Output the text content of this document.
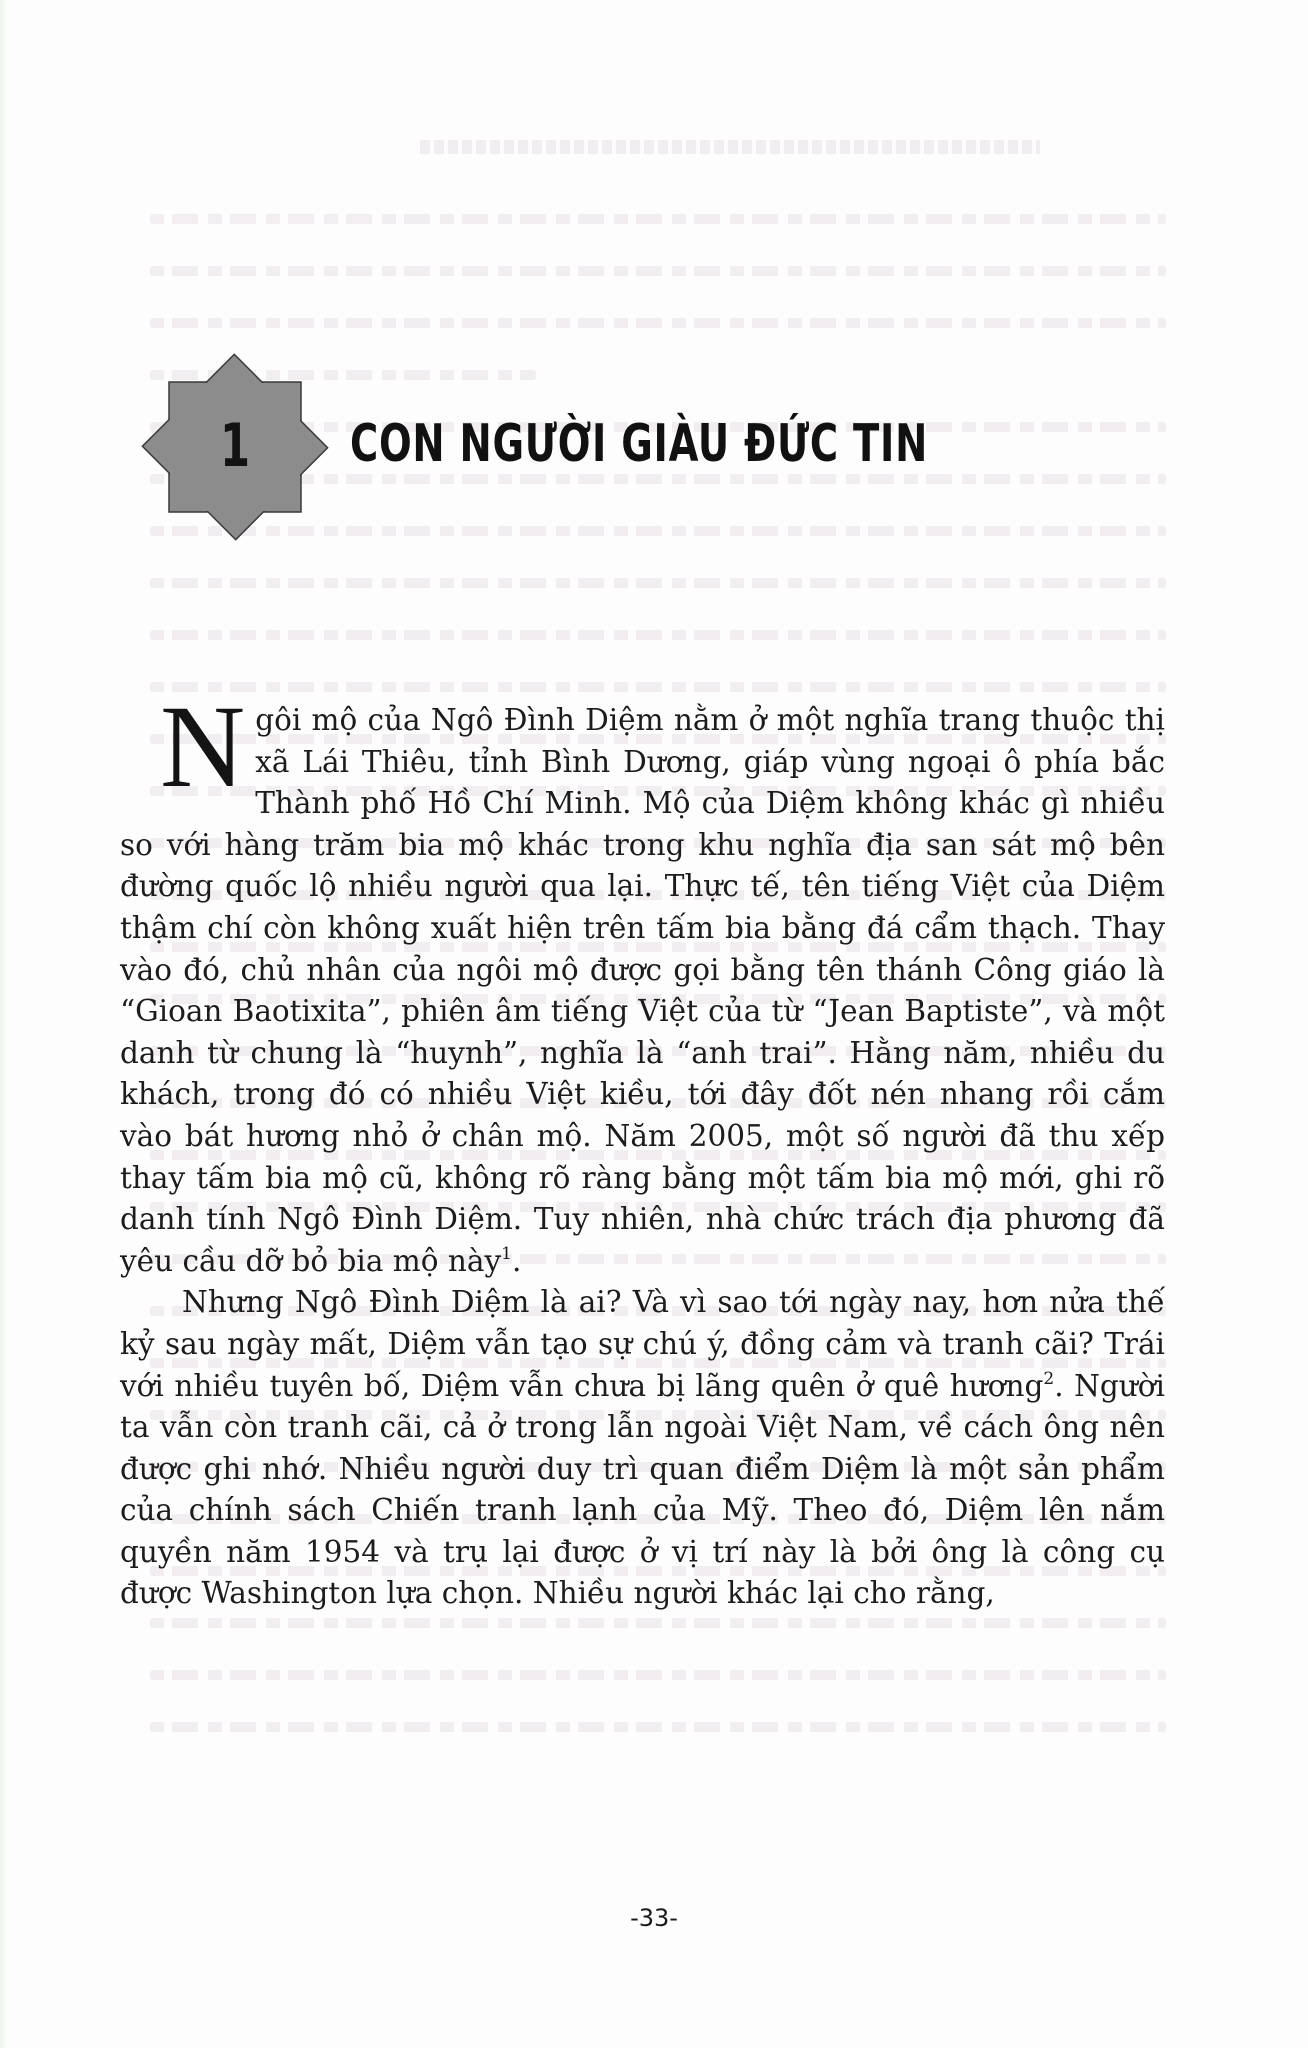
1	CON NGƯỜI GIÀU ĐỨC TIN

Ngôi mộ của Ngô Đình Diệm nằm ở một nghĩa trang thuộc thị xã Lái Thiêu, tỉnh Bình Dương, giáp vùng ngoại ô phía bắc Thành phố Hồ Chí Minh. Mộ của Diệm không khác gì nhiều so với hàng trăm bia mộ khác trong khu nghĩa địa san sát mộ bên đường quốc lộ nhiều người qua lại. Thực tế, tên tiếng Việt của Diệm thậm chí còn không xuất hiện trên tấm bia bằng đá cẩm thạch. Thay vào đó, chủ nhân của ngôi mộ được gọi bằng tên thánh Công giáo là “Gioan Baotixita”, phiên âm tiếng Việt của từ “Jean Baptiste”, và một danh từ chung là “huynh”, nghĩa là “anh trai”. Hằng năm, nhiều du khách, trong đó có nhiều Việt kiều, tới đây đốt nén nhang rồi cắm vào bát hương nhỏ ở chân mộ. Năm 2005, một số người đã thu xếp thay tấm bia mộ cũ, không rõ ràng bằng một tấm bia mộ mới, ghi rõ danh tính Ngô Đình Diệm. Tuy nhiên, nhà chức trách địa phương đã yêu cầu dỡ bỏ bia mộ này$^1$.

Nhưng Ngô Đình Diệm là ai? Và vì sao tới ngày nay, hơn nửa thế kỷ sau ngày mất, Diệm vẫn tạo sự chú ý, đồng cảm và tranh cãi? Trái với nhiều tuyên bố, Diệm vẫn chưa bị lãng quên ở quê hương$^2$. Người ta vẫn còn tranh cãi, cả ở trong lẫn ngoài Việt Nam, về cách ông nên được ghi nhớ. Nhiều người duy trì quan điểm Diệm là một sản phẩm của chính sách Chiến tranh lạnh của Mỹ. Theo đó, Diệm lên nắm quyền năm 1954 và trụ lại được ở vị trí này là bởi ông là công cụ được Washington lựa chọn. Nhiều người khác lại cho rằng,

-33-
